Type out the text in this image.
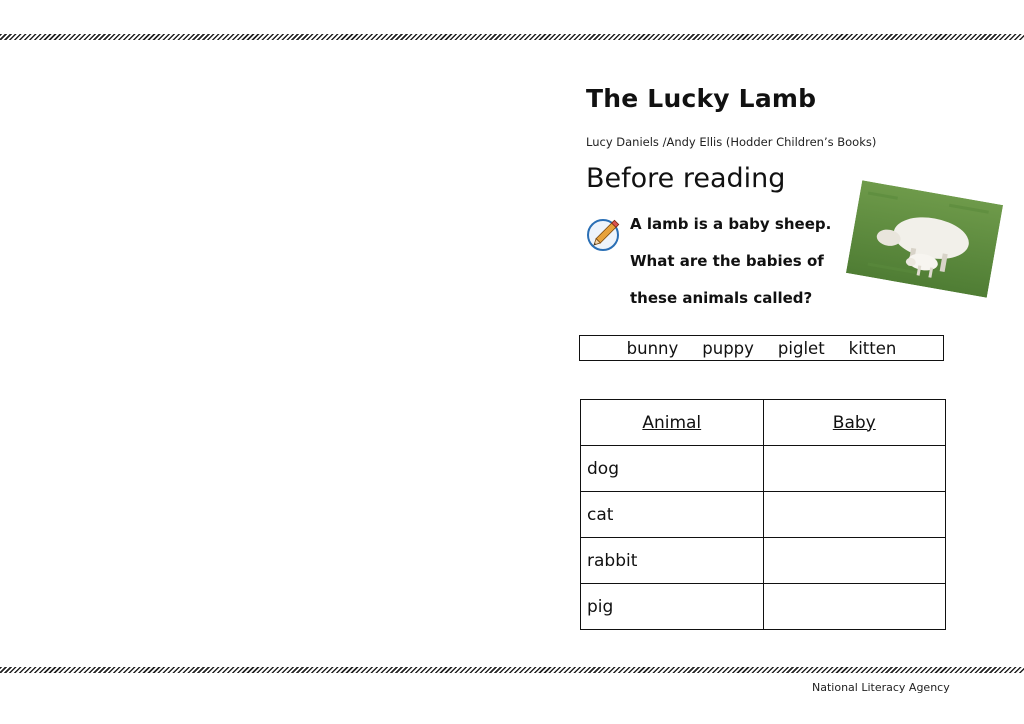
The Lucky Lamb
Lucy Daniels /Andy Ellis (Hodder Children’s Books)
Before reading
A lamb is a baby sheep.
What are the babies of
these animals called?
bunny puppy piglet kitten
Animal	Baby
dog	
cat	
rabbit	
pig	
National Literacy Agency
